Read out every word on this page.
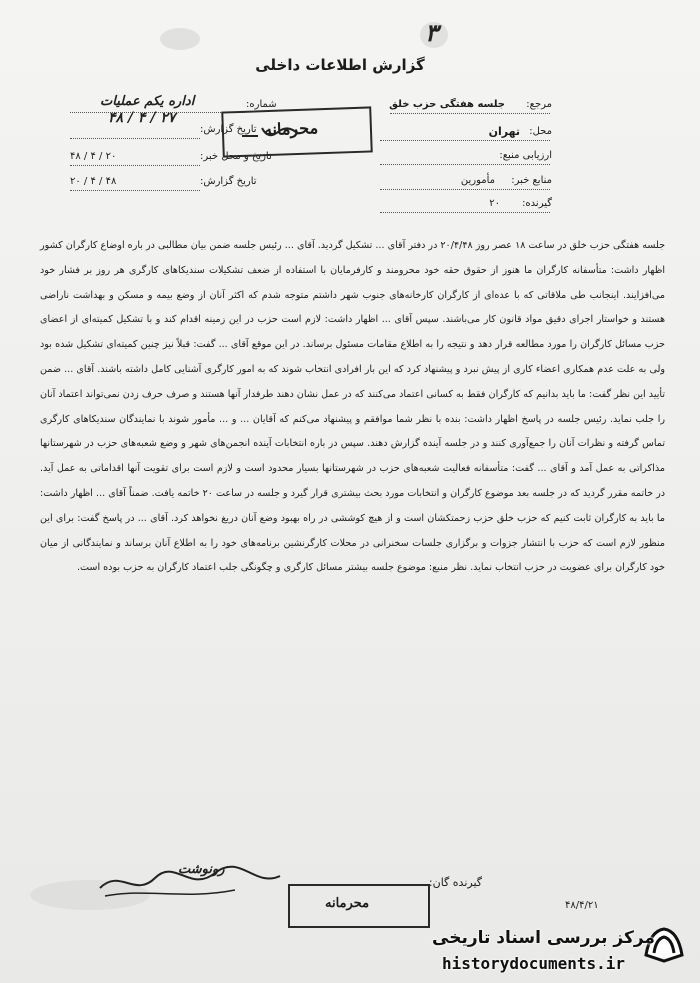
۳
گزارش اطلاعات داخلی
مرجع:
جلسه هفتگی حزب خلق
محل:
تهران
ارزیابی منبع:
منابع خبر:
مأمورین
گیرنده:
۲۰
شماره:
اداره یکم عملیات
تاریخ گزارش:
۲۷ / ۴ / ۴۸
تاریخ و محل خبر:
۲۰ / ۴ / ۴۸
تاریخ گزارش:
۴۸ / ۴ / ۲۰
محرمانه
جلسه هفتگی حزب خلق در ساعت ۱۸ عصر روز ۲۰/۴/۴۸ در دفتر آقای ... تشکیل گردید. آقای ... رئیس جلسه ضمن بیان مطالبی در باره اوضاع کارگران کشور اظهار داشت: متأسفانه کارگران ما هنوز از حقوق حقه خود محرومند و کارفرمایان با استفاده از ضعف تشکیلات سندیکاهای کارگری هر روز بر فشار خود می‌افزایند. اینجانب طی ملاقاتی که با عده‌ای از کارگران کارخانه‌های جنوب شهر داشتم متوجه شدم که اکثر آنان از وضع بیمه و مسکن و بهداشت ناراضی هستند و خواستار اجرای دقیق مواد قانون کار می‌باشند. سپس آقای ... اظهار داشت: لازم است حزب در این زمینه اقدام کند و با تشکیل کمیته‌ای از اعضای حزب مسائل کارگران را مورد مطالعه قرار دهد و نتیجه را به اطلاع مقامات مسئول برساند. در این موقع آقای ... گفت: قبلاً نیز چنین کمیته‌ای تشکیل شده بود ولی به علت عدم همکاری اعضاء کاری از پیش نبرد و پیشنهاد کرد که این بار افرادی انتخاب شوند که به امور کارگری آشنایی کامل داشته باشند. آقای ... ضمن تأیید این نظر گفت: ما باید بدانیم که کارگران فقط به کسانی اعتماد می‌کنند که در عمل نشان دهند طرفدار آنها هستند و صرف حرف زدن نمی‌تواند اعتماد آنان را جلب نماید. رئیس جلسه در پاسخ اظهار داشت: بنده با نظر شما موافقم و پیشنهاد می‌کنم که آقایان ... و ... مأمور شوند با نمایندگان سندیکاهای کارگری تماس گرفته و نظرات آنان را جمع‌آوری کنند و در جلسه آینده گزارش دهند. سپس در باره انتخابات آینده انجمن‌های شهر و وضع شعبه‌های حزب در شهرستانها مذاکراتی به عمل آمد و آقای ... گفت: متأسفانه فعالیت شعبه‌های حزب در شهرستانها بسیار محدود است و لازم است برای تقویت آنها اقداماتی به عمل آید. در خاتمه مقرر گردید که در جلسه بعد موضوع کارگران و انتخابات مورد بحث بیشتری قرار گیرد و جلسه در ساعت ۲۰ خاتمه یافت. ضمناً آقای ... اظهار داشت: ما باید به کارگران ثابت کنیم که حزب خلق حزب زحمتکشان است و از هیچ کوششی در راه بهبود وضع آنان دریغ نخواهد کرد. آقای ... در پاسخ گفت: برای این منظور لازم است که حزب با انتشار جزوات و برگزاری جلسات سخنرانی در محلات کارگرنشین برنامه‌های خود را به اطلاع آنان برساند و نمایندگانی از میان خود کارگران برای عضویت در حزب انتخاب نماید. نظر منبع: موضوع جلسه بیشتر مسائل کارگری و چگونگی جلب اعتماد کارگران به حزب بوده است.
رونوشت
محرمانه
گیرنده گان:
۴۸/۴/۲۱
مرکز بررسی اسناد تاریخی
historydocuments.ir
